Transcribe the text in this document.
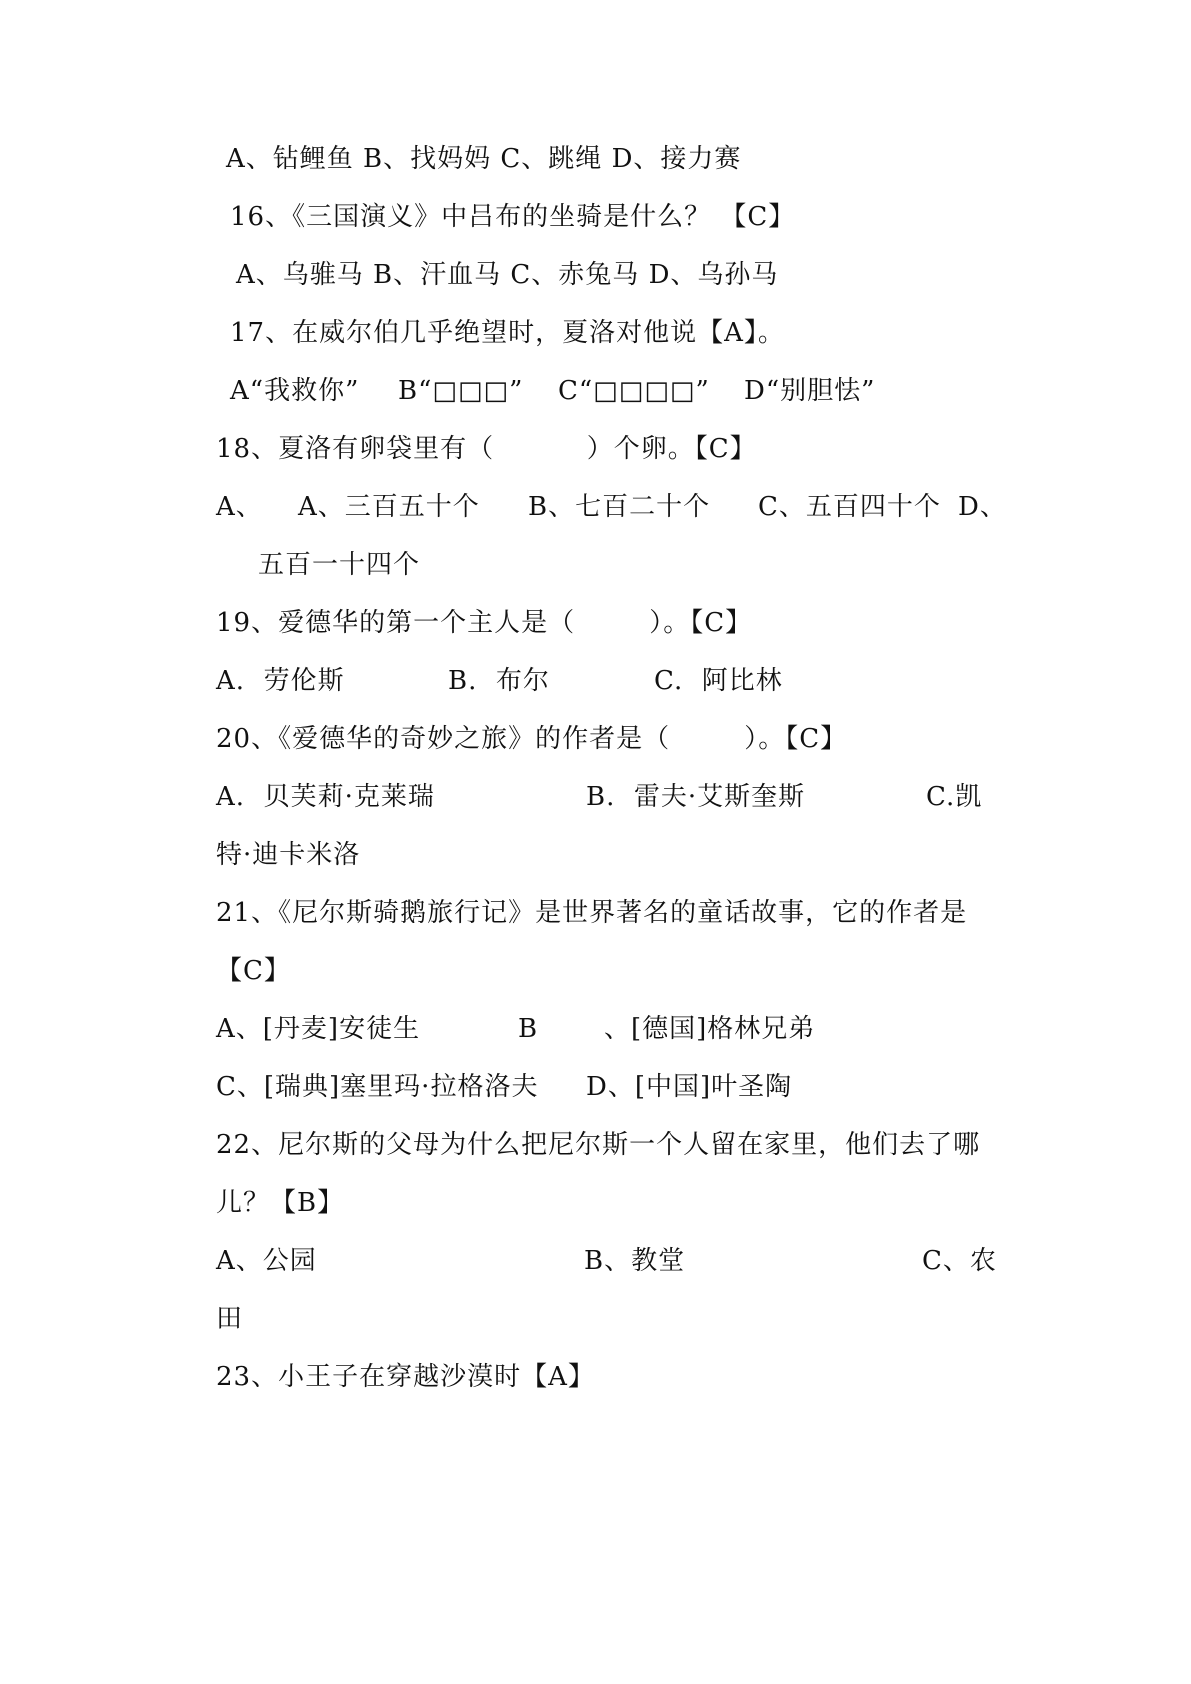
A、钻鲤鱼 B、找妈妈 C、跳绳 D、接力赛
16、《三国演义》中吕布的坐骑是什么？ 【C】
A、乌骓马 B、汗血马 C、赤兔马 D、乌孙马
17、在威尔伯几乎绝望时，夏洛对他说【A】。
A“我救你” B“□□□” C“□□□□” D“别胆怯”
18、夏洛有卵袋里有（          ）个卵。【C】
A、 A、三百五十个 B、七百二十个 C、五百四十个 D、
五百一十四个
19、爱德华的第一个主人是（        ）。【C】
A.  劳伦斯	B.  布尔	C.  阿比林
20、《爱德华的奇妙之旅》的作者是（        ）。【C】
A.  贝芙莉·克莱瑞	B.  雷夫·艾斯奎斯	C.凯
特·迪卡米洛
21、《尼尔斯骑鹅旅行记》是世界著名的童话故事，它的作者是
【C】
A、[丹麦]安徒生	B	、[德国]格林兄弟
C、[瑞典]塞里玛·拉格洛夫 D、[中国]叶圣陶
22、尼尔斯的父母为什么把尼尔斯一个人留在家里，他们去了哪
儿？【B】
A、公园	B、教堂	C、农
田
23、小王子在穿越沙漠时【A】
